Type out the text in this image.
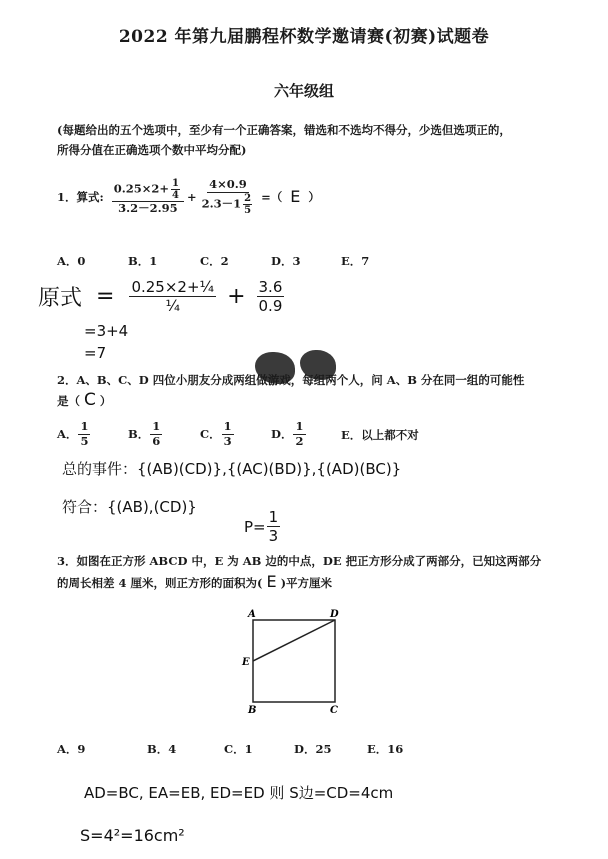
2022 年第九届鹏程杯数学邀请赛(初赛)试题卷
六年级组
(每题给出的五个选项中，至少有一个正确答案，错选和不选均不得分，少选但选项正的，
所得分值在正确选项个数中平均分配)
1．算式: $\frac{0.25\times 2+ \frac{1}{4}}{3.2-2.95} + \frac{4\times 0.9}{2.3-1 \frac{2}{5}}$ =（ E ）
A．0	B．1	C．2	D．3	E．7
原式 = $\frac{\text{0.25×2+¼}}{\text{¼}} + \frac{3.6}{0.9}$
=3+4
=7
2．A、B、C、D 四位小朋友分成两组做游戏，每组两个人，问 A、B 分在同一组的可能性
是（ C ）
A． $\frac{1}{5}$	B． $\frac{1}{6}$	C． $\frac{1}{3}$	D． $\frac{1}{2}$	E．以上都不对
总的事件：{(AB)(CD)},{(AC)(BD)},{(AD)(BC)}
符合：{(AB),(CD)}
$P= \frac{1}{3}$
3．如图在正方形 ABCD 中，E 为 AB 边的中点，DE 把正方形分成了两部分，已知这两部分
的周长相差 4 厘米，则正方形的面积为( E )平方厘米
A	D
E
B	C
A．9	B．4	C．1	D．25	E．16
AD=BC, EA=EB, ED=ED 则 S边=CD=4cm
S=4²=16cm²
